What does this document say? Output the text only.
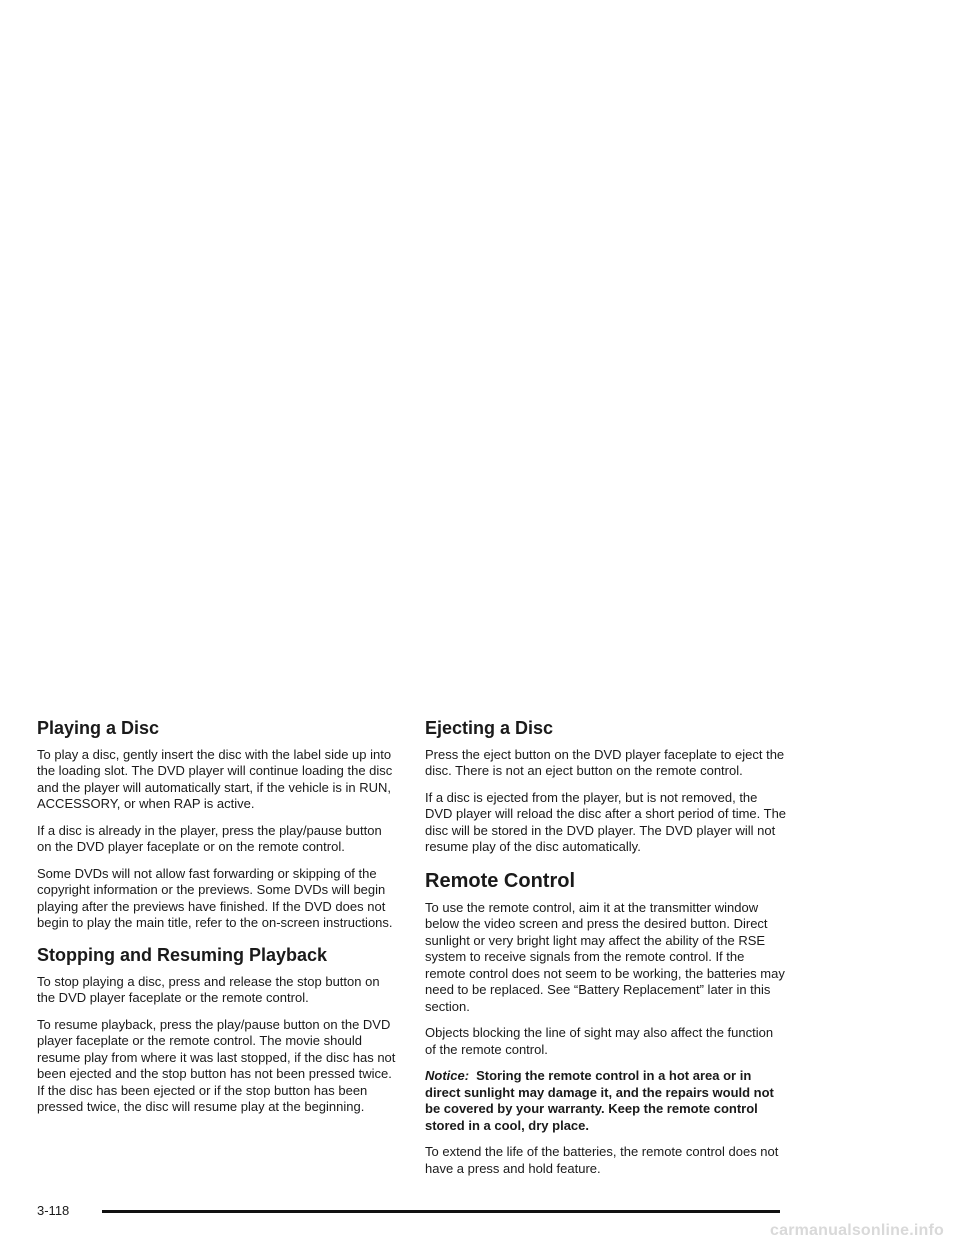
Playing a Disc

To play a disc, gently insert the disc with the label side up into the loading slot. The DVD player will continue loading the disc and the player will automatically start, if the vehicle is in RUN, ACCESSORY, or when RAP is active.

If a disc is already in the player, press the play/pause button on the DVD player faceplate or on the remote control.

Some DVDs will not allow fast forwarding or skipping of the copyright information or the previews. Some DVDs will begin playing after the previews have finished. If the DVD does not begin to play the main title, refer to the on-screen instructions.

Stopping and Resuming Playback

To stop playing a disc, press and release the stop button on the DVD player faceplate or the remote control.

To resume playback, press the play/pause button on the DVD player faceplate or the remote control. The movie should resume play from where it was last stopped, if the disc has not been ejected and the stop button has not been pressed twice. If the disc has been ejected or if the stop button has been pressed twice, the disc will resume play at the beginning.

Ejecting a Disc

Press the eject button on the DVD player faceplate to eject the disc. There is not an eject button on the remote control.

If a disc is ejected from the player, but is not removed, the DVD player will reload the disc after a short period of time. The disc will be stored in the DVD player. The DVD player will not resume play of the disc automatically.

Remote Control

To use the remote control, aim it at the transmitter window below the video screen and press the desired button. Direct sunlight or very bright light may affect the ability of the RSE system to receive signals from the remote control. If the remote control does not seem to be working, the batteries may need to be replaced. See “Battery Replacement” later in this section.

Objects blocking the line of sight may also affect the function of the remote control.

Notice: Storing the remote control in a hot area or in direct sunlight may damage it, and the repairs would not be covered by your warranty. Keep the remote control stored in a cool, dry place.

To extend the life of the batteries, the remote control does not have a press and hold feature.

3-118
carmanualsonline.info
